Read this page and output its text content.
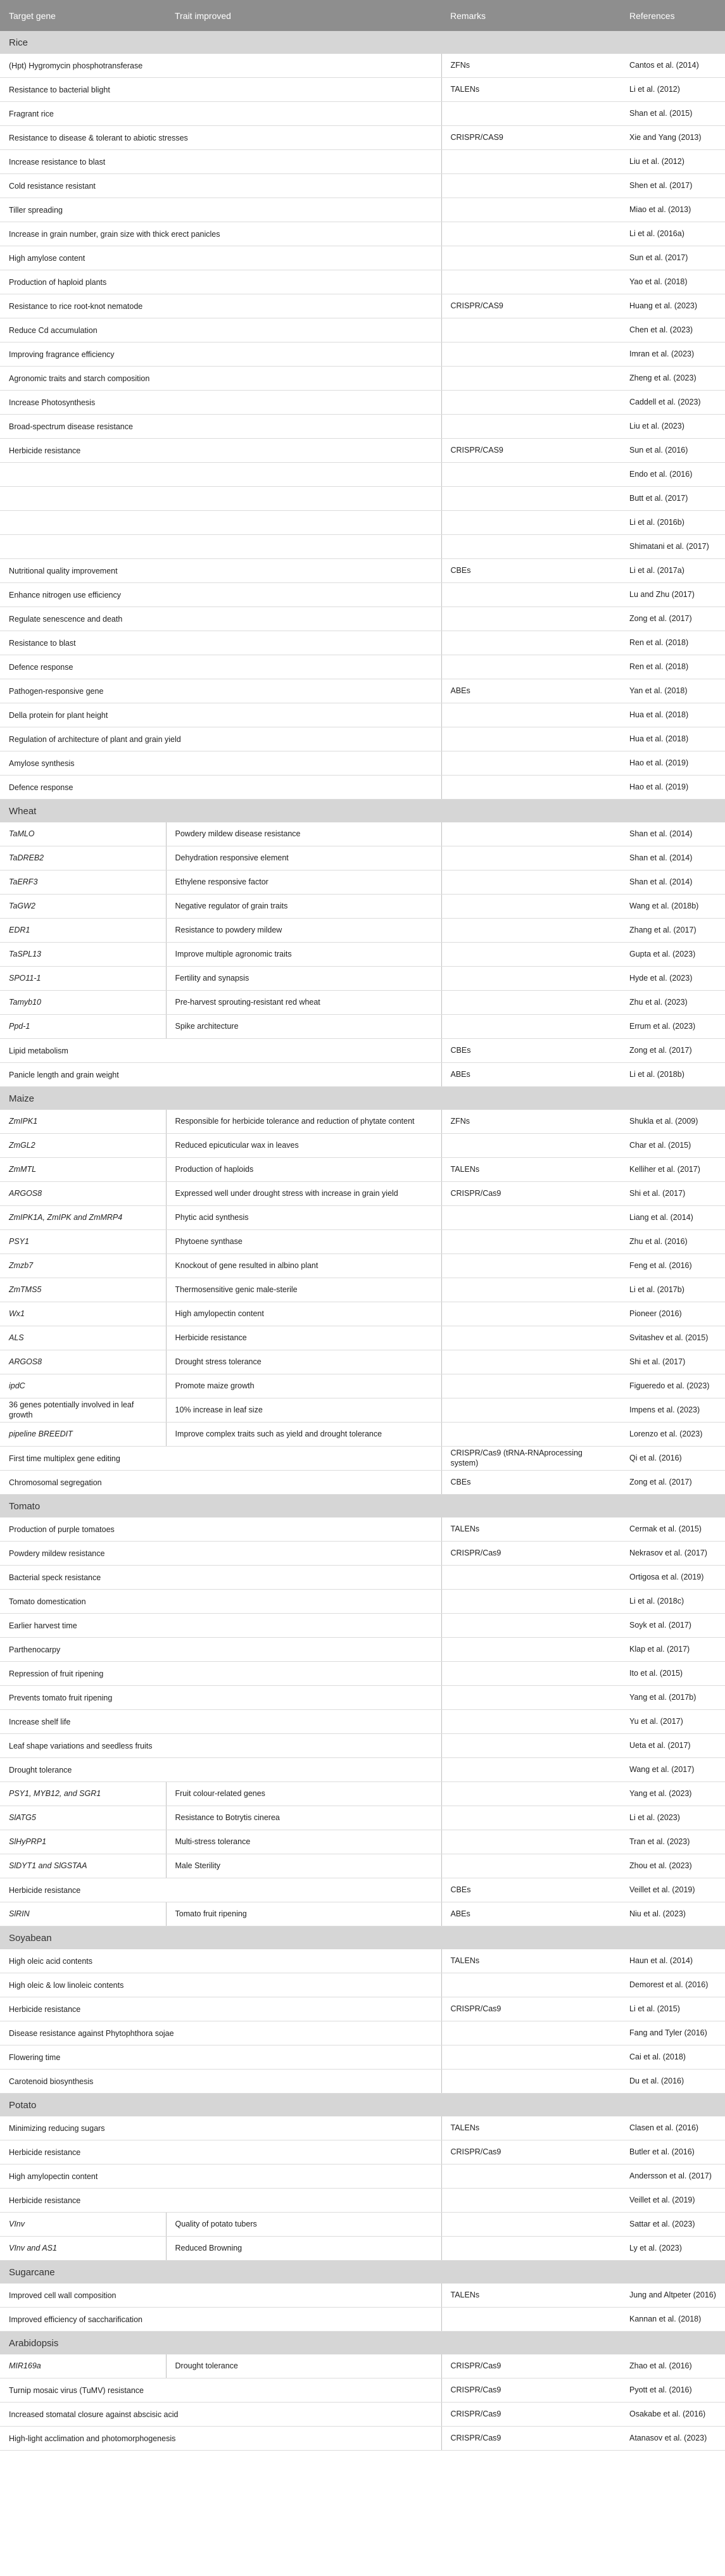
Target gene	Trait improved	Remarks	References
Rice			
(Hpt) Hygromycin phosphotransferase		ZFNs	Cantos et al. (2014)
Resistance to bacterial blight		TALENs	Li et al. (2012)
Fragrant rice			Shan et al. (2015)
Resistance to disease & tolerant to abiotic stresses		CRISPR/CAS9	Xie and Yang (2013)
Increase resistance to blast			Liu et al. (2012)
Cold resistance resistant			Shen et al. (2017)
Tiller spreading			Miao et al. (2013)
Increase in grain number, grain size with thick erect panicles			Li et al. (2016a)
High amylose content			Sun et al. (2017)
Production of haploid plants			Yao et al. (2018)
Resistance to rice root-knot nematode		CRISPR/CAS9	Huang et al. (2023)
Reduce Cd accumulation			Chen et al. (2023)
Improving fragrance efficiency			Imran et al. (2023)
Agronomic traits and starch composition			Zheng et al. (2023)
Increase Photosynthesis			Caddell et al. (2023)
Broad-spectrum disease resistance			Liu et al. (2023)
Herbicide resistance		CRISPR/CAS9	Sun et al. (2016)
			Endo et al. (2016)
			Butt et al. (2017)
			Li et al. (2016b)
			Shimatani et al. (2017)
Nutritional quality improvement		CBEs	Li et al. (2017a)
Enhance nitrogen use efficiency			Lu and Zhu (2017)
Regulate senescence and death			Zong et al. (2017)
Resistance to blast			Ren et al. (2018)
Defence response			Ren et al. (2018)
Pathogen-responsive gene		ABEs	Yan et al. (2018)
Della protein for plant height			Hua et al. (2018)
Regulation of architecture of plant and grain yield			Hua et al. (2018)
Amylose synthesis			Hao et al. (2019)
Defence response			Hao et al. (2019)
Wheat			
TaMLO	Powdery mildew disease resistance		Shan et al. (2014)
TaDREB2	Dehydration responsive element		Shan et al. (2014)
TaERF3	Ethylene responsive factor		Shan et al. (2014)
TaGW2	Negative regulator of grain traits		Wang et al. (2018b)
EDR1	Resistance to powdery mildew		Zhang et al. (2017)
TaSPL13	Improve multiple agronomic traits		Gupta et al. (2023)
SPO11-1	Fertility and synapsis		Hyde et al. (2023)
Tamyb10	Pre-harvest sprouting-resistant red wheat		Zhu et al. (2023)
Ppd-1	Spike architecture		Errum et al. (2023)
Lipid metabolism		CBEs	Zong et al. (2017)
Panicle length and grain weight		ABEs	Li et al. (2018b)
Maize			
ZmIPK1	Responsible for herbicide tolerance and reduction of phytate content	ZFNs	Shukla et al. (2009)
ZmGL2	Reduced epicuticular wax in leaves		Char et al. (2015)
ZmMTL	Production of haploids	TALENs	Kelliher et al. (2017)
ARGOS8	Expressed well under drought stress with increase in grain yield	CRISPR/Cas9	Shi et al. (2017)
ZmIPK1A, ZmIPK and ZmMRP4	Phytic acid synthesis		Liang et al. (2014)
PSY1	Phytoene synthase		Zhu et al. (2016)
Zmzb7	Knockout of gene resulted in albino plant		Feng et al. (2016)
ZmTMS5	Thermosensitive genic male-sterile		Li et al. (2017b)
Wx1	High amylopectin content		Pioneer (2016)
ALS	Herbicide resistance		Svitashev et al. (2015)
ARGOS8	Drought stress tolerance		Shi et al. (2017)
ipdC	Promote maize growth		Figueredo et al. (2023)
36 genes potentially involved in leaf growth	10% increase in leaf size		Impens et al. (2023)
pipeline BREEDIT	Improve complex traits such as yield and drought tolerance		Lorenzo et al. (2023)
First time multiplex gene editing		CRISPR/Cas9 (tRNA-RNAprocessing system)	Qi et al. (2016)
Chromosomal segregation		CBEs	Zong et al. (2017)
Tomato			
Production of purple tomatoes		TALENs	Cermak et al. (2015)
Powdery mildew resistance		CRISPR/Cas9	Nekrasov et al. (2017)
Bacterial speck resistance			Ortigosa et al. (2019)
Tomato domestication			Li et al. (2018c)
Earlier harvest time			Soyk et al. (2017)
Parthenocarpy			Klap et al. (2017)
Repression of fruit ripening			Ito et al. (2015)
Prevents tomato fruit ripening			Yang et al. (2017b)
Increase shelf life			Yu et al. (2017)
Leaf shape variations and seedless fruits			Ueta et al. (2017)
Drought tolerance			Wang et al. (2017)
PSY1, MYB12, and SGR1	Fruit colour-related genes		Yang et al. (2023)
SlATG5	Resistance to Botrytis cinerea		Li et al. (2023)
SlHyPRP1	Multi-stress tolerance		Tran et al. (2023)
SlDYT1 and SlGSTAA	Male Sterility		Zhou et al. (2023)
Herbicide resistance		CBEs	Veillet et al. (2019)
SlRIN	Tomato fruit ripening	ABEs	Niu et al. (2023)
Soyabean			
High oleic acid contents		TALENs	Haun et al. (2014)
High oleic & low linoleic contents			Demorest et al. (2016)
Herbicide resistance		CRISPR/Cas9	Li et al. (2015)
Disease resistance against Phytophthora sojae			Fang and Tyler (2016)
Flowering time			Cai et al. (2018)
Carotenoid biosynthesis			Du et al. (2016)
Potato			
Minimizing reducing sugars		TALENs	Clasen et al. (2016)
Herbicide resistance		CRISPR/Cas9	Butler et al. (2016)
High amylopectin content			Andersson et al. (2017)
Herbicide resistance			Veillet et al. (2019)
VInv	Quality of potato tubers		Sattar et al. (2023)
VInv and AS1	Reduced Browning		Ly et al. (2023)
Sugarcane			
Improved cell wall composition		TALENs	Jung and Altpeter (2016)
Improved efficiency of saccharification			Kannan et al. (2018)
Arabidopsis			
MIR169a	Drought tolerance	CRISPR/Cas9	Zhao et al. (2016)
Turnip mosaic virus (TuMV) resistance		CRISPR/Cas9	Pyott et al. (2016)
Increased stomatal closure against abscisic acid		CRISPR/Cas9	Osakabe et al. (2016)
High-light acclimation and photomorphogenesis		CRISPR/Cas9	Atanasov et al. (2023)
